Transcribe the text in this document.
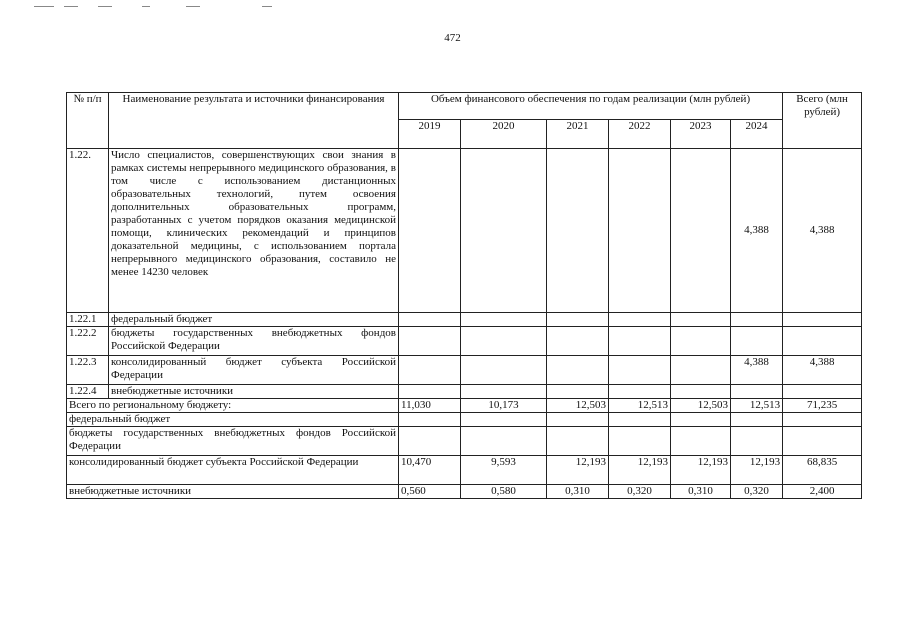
472
№ п/п	Наименование результата и источники финансирования	Объем финансового обеспечения по годам реализации (млн рублей)						Всего (млн рублей)
		2019	2020	2021	2022	2023	2024	
1.22.	Число специалистов, совершенствующих свои знания в рамках системы непрерывного медицинского образования, в том числе с использованием дистанционных образовательных технологий, путем освоения дополнительных образовательных программ, разработанных с учетом порядков оказания медицинской помощи, клинических рекомендаций и принципов доказательной медицины, с использованием портала непрерывного медицинского образования, составило не менее 14230 человек						4,388	4,388
1.22.1	федеральный бюджет							
1.22.2	бюджеты государственных внебюджетных фондов Российской Федерации							
1.22.3	консолидированный бюджет субъекта Российской Федерации						4,388	4,388
1.22.4	внебюджетные источники							
Всего по региональному бюджету:		11,030	10,173	12,503	12,513	12,503	12,513	71,235
федеральный бюджет								
бюджеты государственных внебюджетных фондов Российской Федерации								
консолидированный бюджет субъекта Российской Федерации		10,470	9,593	12,193	12,193	12,193	12,193	68,835
внебюджетные источники		0,560	0,580	0,310	0,320	0,310	0,320	2,400
